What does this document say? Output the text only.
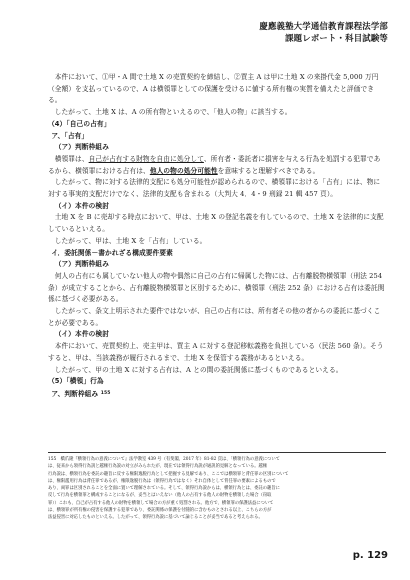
慶應義塾大学通信教育課程法学部
課題レポート・科目試験等

本件において、①甲・A 間で土地 X の売買契約を締結し、②買主 A は甲に土地 X の来掛代金 5,000 万円（全額）を支払っているので、A は横領罪としての保護を受けるに値する所有権の実質を備えたと評価できる。

したがって、土地 X は、A の所有物といえるので、「他人の物」に該当する。

（4）「自己の占有」

ア、「占有」

（ア）判断枠組み

横領罪は、自己が占有する財物を自由に処分して、所有者・委託者に損害を与える行為を処罰する犯罪であるから、横領罪における占有は、他人の物の処分可能性を意味すると理解すべきである。

したがって、物に対する法律的支配にも処分可能性が認められるので、横領罪における「占有」には、物に対する事実的支配だけでなく、法律的支配も含まれる（大判大 4．4・9 刑録 21 輯 457 頁）。

（イ）本件の検討

土地 X を B に売却する時点において、甲は、土地 X の登記名義を有しているので、土地 X を法律的に支配しているといえる。

したがって、甲は、土地 X を「占有」している。

イ．委託関係－書かれざる構成要件要素

（ア）判断枠組み

何人の占有にも属していない他人の物や偶然に自己の占有に帰属した物には、占有離脱物横領罪（刑法 254 条）が成立することから、占有離脱物横領罪と区別するために、横領罪（刑法 252 条）における占有は委託関係に基づく必要がある。

したがって、条文上明示された要件ではないが、自己の占有には、所有者その他の者からの委託に基づくことが必要である。

（イ）本件の検討

本件において、売買契約上、売主甲は、買主 A に対する登記移転義務を負担している（民法 560 条）。そうすると、甲は、当該義務が履行されるまで、土地 X を保管する義務があるといえる。

したがって、甲の土地 X に対する占有は、A との間の委託関係に基づくものであるといえる。

（5）「横領」行為

ア、判断枠組み $^{155}$

155　橋爪隆『横領行為の意義について』法学教室 439 号（有斐閣、2017 年）81-82 頁は、「横領行為の意義について

は、従来から領得行為説と越権行為説の対立がみられたが、現在では領得行為説が通説的見解となっている。越権

行為説は、横領行為を委託の趣旨に反する権限逸脱行為として把握する見解であり、ここでは横領罪と背任罪の区別について

は、権限濫用行為は背任罪であるが、権限逸脱行為は（領得行為ではなく）それ自体として背任罪の要素によるもので

あり、両罪は区別されることを全面に置いて理解されている。そして、領得行為説からは、横領行為とは、委託の趣旨に

反して行為を横領罪と構成することになるが、妥当とはいえない（他人の占有する他人の財物を横領した場合（窃取

罪））これも、自己が占有する他人の財物を横領して場合の方が重く処罰される。他方で、横領罪の保護法益について

は、横領罪が所有権の侵害を保護する犯罪であり、委託関係の保護を付随的に含むものとされる以上、こちらの方が

法益侵害に対応したものといえる。したがって、領得行為説に基づいて論じることが妥当であると考えられる。

p. 129
